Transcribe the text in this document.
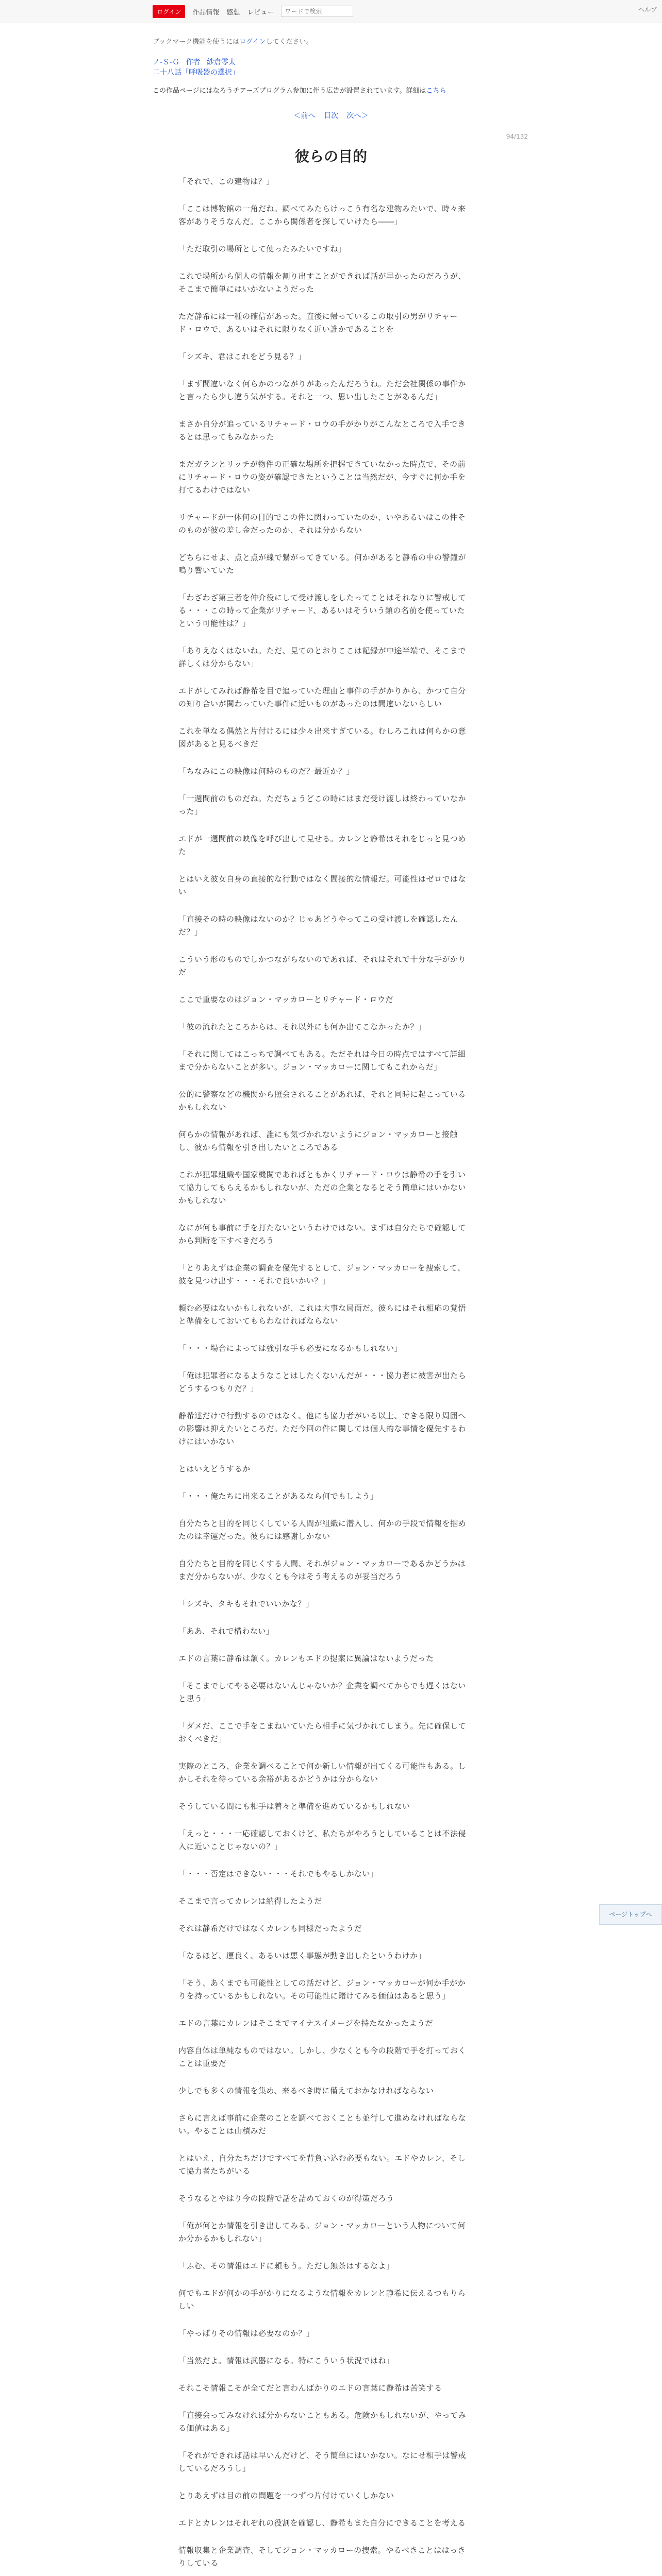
ログイン	作品情報 感想 レビュー
ワードで検索	ヘルプ
ブックマーク機能を使うにはログインしてください。
ノ-Ｓ-Ｇ 作者 紗倉零太
二十八話「呼吸器の選択」
この作品ページにはなろうチアーズプログラム参加に伴う広告が設置されています。詳細はこちら
＜前へ 目次 次へ＞
94/132
彼らの目的

「それで、この建物は？」

「ここは博物館の一角だね。調べてみたらけっこう有名な建物みたいで、時々来客がありそうなんだ。ここから関係者を探していけたら――」

「ただ取引の場所として使ったみたいですね」

これで場所から個人の情報を割り出すことができれば話が早かったのだろうが、そこまで簡単にはいかないようだった

ただ静希には一種の確信があった。直後に帰っているこの取引の男がリチャード・ロウで、あるいはそれに限りなく近い誰かであることを

「シズキ、君はこれをどう見る？」

「まず間違いなく何らかのつながりがあったんだろうね。ただ会社関係の事件かと言ったら少し違う気がする。それと一つ、思い出したことがあるんだ」

まさか自分が追っているリチャード・ロウの手がかりがこんなところで入手できるとは思ってもみなかった

まだガランとリッチが物件の正確な場所を把握できていなかった時点で、その前にリチャード・ロウの姿が確認できたということは当然だが、今すぐに何か手を打てるわけではない

リチャードが一体何の目的でこの件に関わっていたのか、いやあるいはこの件そのものが彼の差し金だったのか、それは分からない

どちらにせよ、点と点が線で繋がってきている。何かがあると静希の中の警鐘が鳴り響いていた

「わざわざ第三者を仲介役にして受け渡しをしたってことはそれなりに警戒してる・・・この時って企業がリチャード、あるいはそういう類の名前を使っていたという可能性は？」

「ありえなくはないね。ただ、見てのとおりここは記録が中途半端で、そこまで詳しくは分からない」

エドがしてみれば静希を目で追っていた理由と事件の手がかりから、かつて自分の知り合いが関わっていた事件に近いものがあったのは間違いないらしい

これを単なる偶然と片付けるには少々出来すぎている。むしろこれは何らかの意図があると見るべきだ

「ちなみにこの映像は何時のものだ？最近か？」

「一週間前のものだね。ただちょうどこの時にはまだ受け渡しは終わっていなかった」

エドが一週間前の映像を呼び出して見せる。カレンと静希はそれをじっと見つめた

とはいえ彼女自身の直接的な行動ではなく間接的な情報だ。可能性はゼロではない

「直接その時の映像はないのか？じゃあどうやってこの受け渡しを確認したんだ？」

こういう形のものでしかつながらないのであれば、それはそれで十分な手がかりだ

ここで重要なのはジョン・マッカローとリチャード・ロウだ

「彼の流れたところからは、それ以外にも何か出てこなかったか？」

「それに関してはこっちで調べてもある。ただそれは今日の時点ではすべて詳細まで分からないことが多い。ジョン・マッカローに関してもこれからだ」

公的に警察などの機関から照会されることがあれば、それと同時に起こっているかもしれない

何らかの情報があれば、誰にも気づかれないようにジョン・マッカローと接触し、彼から情報を引き出したいところである

これが犯罪組織や国家機関であればともかくリチャード・ロウは静希の手を引いて協力してもらえるかもしれないが、ただの企業となるとそう簡単にはいかないかもしれない

なにが何も事前に手を打たないというわけではない。まずは自分たちで確認してから判断を下すべきだろう

「とりあえずは企業の調査を優先するとして、ジョン・マッカローを捜索して、彼を見つけ出す・・・それで良いかい？」

頼む必要はないかもしれないが、これは大事な局面だ。彼らにはそれ相応の覚悟と準備をしておいてもらわなければならない

「・・・場合によっては強引な手も必要になるかもしれない」

「俺は犯罪者になるようなことはしたくないんだが・・・協力者に被害が出たらどうするつもりだ？」

静希達だけで行動するのではなく、他にも協力者がいる以上、できる限り周囲への影響は抑えたいところだ。ただ今回の件に関しては個人的な事情を優先するわけにはいかない

とはいえどうするか

「・・・俺たちに出来ることがあるなら何でもしよう」

自分たちと目的を同じくしている人間が組織に潜入し、何かの手段で情報を掴めたのは幸運だった。彼らには感謝しかない

自分たちと目的を同じくする人間、それがジョン・マッカローであるかどうかはまだ分からないが、少なくとも今はそう考えるのが妥当だろう

「シズキ、タキもそれでいいかな？」

「ああ、それで構わない」

エドの言葉に静希は頷く。カレンもエドの提案に異論はないようだった

「そこまでしてやる必要はないんじゃないか？企業を調べてからでも遅くはないと思う」

「ダメだ、ここで手をこまねいていたら相手に気づかれてしまう。先に確保しておくべきだ」

実際のところ、企業を調べることで何か新しい情報が出てくる可能性もある。しかしそれを待っている余裕があるかどうかは分からない

そうしている間にも相手は着々と準備を進めているかもしれない

「えっと・・・一応確認しておくけど、私たちがやろうとしていることは不法侵入に近いことじゃないの？」

「・・・否定はできない・・・それでもやるしかない」

そこまで言ってカレンは納得したようだ

それは静希だけではなくカレンも同様だったようだ

「なるほど、運良く、あるいは悪く事態が動き出したというわけか」

「そう、あくまでも可能性としての話だけど、ジョン・マッカローが何か手がかりを持っているかもしれない。その可能性に賭けてみる価値はあると思う」

エドの言葉にカレンはそこまでマイナスイメージを持たなかったようだ

内容自体は単純なものではない。しかし、少なくとも今の段階で手を打っておくことは重要だ

少しでも多くの情報を集め、来るべき時に備えておかなければならない

さらに言えば事前に企業のことを調べておくことも並行して進めなければならない。やることは山積みだ

とはいえ、自分たちだけですべてを背負い込む必要もない。エドやカレン、そして協力者たちがいる

そうなるとやはり今の段階で話を詰めておくのが得策だろう

「俺が何とか情報を引き出してみる。ジョン・マッカローという人物について何か分かるかもしれない」

「ふむ、その情報はエドに頼もう。ただし無茶はするなよ」

何でもエドが何かの手がかりになるような情報をカレンと静希に伝えるつもりらしい

「やっぱりその情報は必要なのか？」

「当然だよ。情報は武器になる。特にこういう状況ではね」

それこそ情報こそが全てだと言わんばかりのエドの言葉に静希は苦笑する

「直接会ってみなければ分からないこともある。危険かもしれないが、やってみる価値はある」

「それができれば話は早いんだけど、そう簡単にはいかない。なにせ相手は警戒しているだろうし」

とりあえずは目の前の問題を一つずつ片付けていくしかない

エドとカレンはそれぞれの役割を確認し、静希もまた自分にできることを考える

情報収集と企業調査、そしてジョン・マッカローの捜索。やるべきことははっきりしている

ページトップへ
